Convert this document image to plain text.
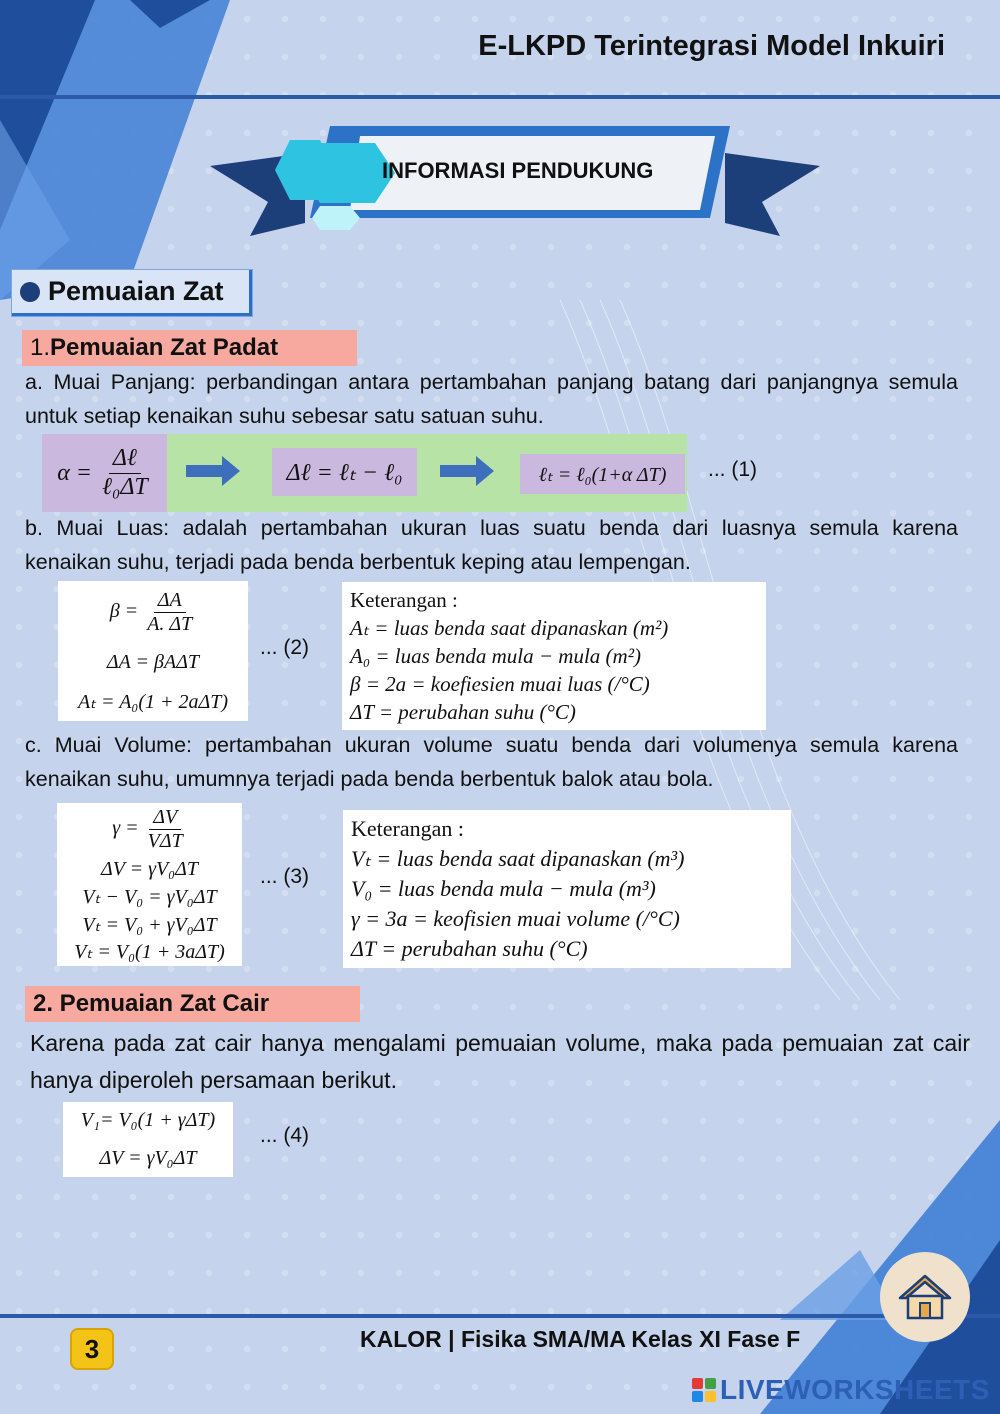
E-LKPD Terintegrasi Model Inkuiri
INFORMASI PENDUKUNG
Pemuaian Zat
1. Pemuaian Zat Padat
a. Muai Panjang: perbandingan antara pertambahan panjang batang dari panjangnya semula untuk setiap kenaikan suhu sebesar satu satuan suhu.
α =
$\frac{\text{Δℓ}}{\text{ℓ₀ΔT}}$	Δℓ = ℓₜ − ℓ₀	ℓₜ = ℓ₀(1+α ΔT)	... (1)
b. Muai Luas: adalah pertambahan ukuran luas suatu benda dari luasnya semula karena kenaikan suhu, terjadi pada benda berbentuk keping atau lempengan.
$\beta = \frac{\Delta A}{A. \Delta T}$
ΔA = βAΔT
Aₜ = A₀(1 + 2aΔT)
... (2)
Keterangan :
Aₜ = luas benda saat dipanaskan (m²)
A₀ = luas benda mula − mula (m²)
β = 2a = koefiesien muai luas (/°C)
ΔT = perubahan suhu (°C)
c. Muai Volume: pertambahan ukuran volume suatu benda dari volumenya semula karena kenaikan suhu, umumnya terjadi pada benda berbentuk balok atau bola.
$\gamma = \frac{\Delta V}{\text{VΔT}}$
ΔV = γV₀ΔT
Vₜ − V₀ = γV₀ΔT
Vₜ = V₀ + γV₀ΔT
Vₜ = V₀(1 + 3aΔT)
... (3)
Keterangan :
Vₜ = luas benda saat dipanaskan (m³)
V₀ = luas benda mula − mula (m³)
γ = 3a = keofisien muai volume (/°C)
ΔT = perubahan suhu (°C)
2. Pemuaian Zat Cair
Karena pada zat cair hanya mengalami pemuaian volume, maka pada pemuaian zat cair hanya diperoleh persamaan berikut.
V₁= V₀(1 + γΔT)
ΔV = γV₀ΔT
... (4)
3	KALOR | Fisika SMA/MA Kelas XI Fase F
LIVEWORKSHEETS
